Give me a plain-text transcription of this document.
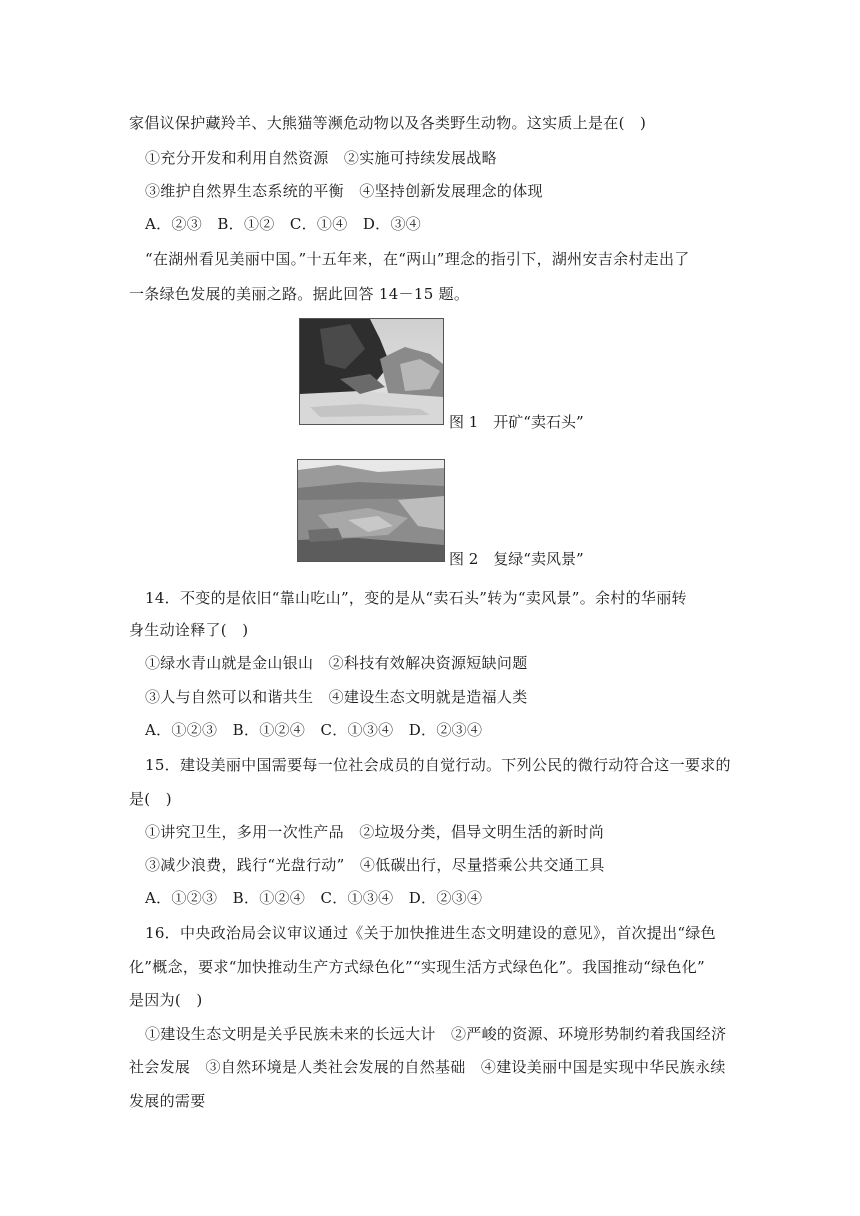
家倡议保护藏羚羊、大熊猫等濒危动物以及各类野生动物。这实质上是在(　)
①充分开发和利用自然资源　②实施可持续发展战略
③维护自然界生态系统的平衡　④坚持创新发展理念的体现
A．②③　B．①②　C．①④　D．③④
“在湖州看见美丽中国。”十五年来，在“两山”理念的指引下，湖州安吉余村走出了
一条绿色发展的美丽之路。据此回答 14－15 题。
图 1　开矿“卖石头”
图 2　复绿“卖风景”
14．不变的是依旧“靠山吃山”，变的是从“卖石头”转为“卖风景”。余村的华丽转
身生动诠释了(　)
①绿水青山就是金山银山　②科技有效解决资源短缺问题
③人与自然可以和谐共生　④建设生态文明就是造福人类
A．①②③　B．①②④　C．①③④　D．②③④
15．建设美丽中国需要每一位社会成员的自觉行动。下列公民的微行动符合这一要求的
是(　)
①讲究卫生，多用一次性产品　②垃圾分类，倡导文明生活的新时尚
③减少浪费，践行“光盘行动”　④低碳出行，尽量搭乘公共交通工具
A．①②③　B．①②④　C．①③④　D．②③④
16．中央政治局会议审议通过《关于加快推进生态文明建设的意见》，首次提出“绿色
化”概念，要求“加快推动生产方式绿色化”“实现生活方式绿色化”。我国推动“绿色化”
是因为(　)
①建设生态文明是关乎民族未来的长远大计　②严峻的资源、环境形势制约着我国经济
社会发展　③自然环境是人类社会发展的自然基础　④建设美丽中国是实现中华民族永续
发展的需要
